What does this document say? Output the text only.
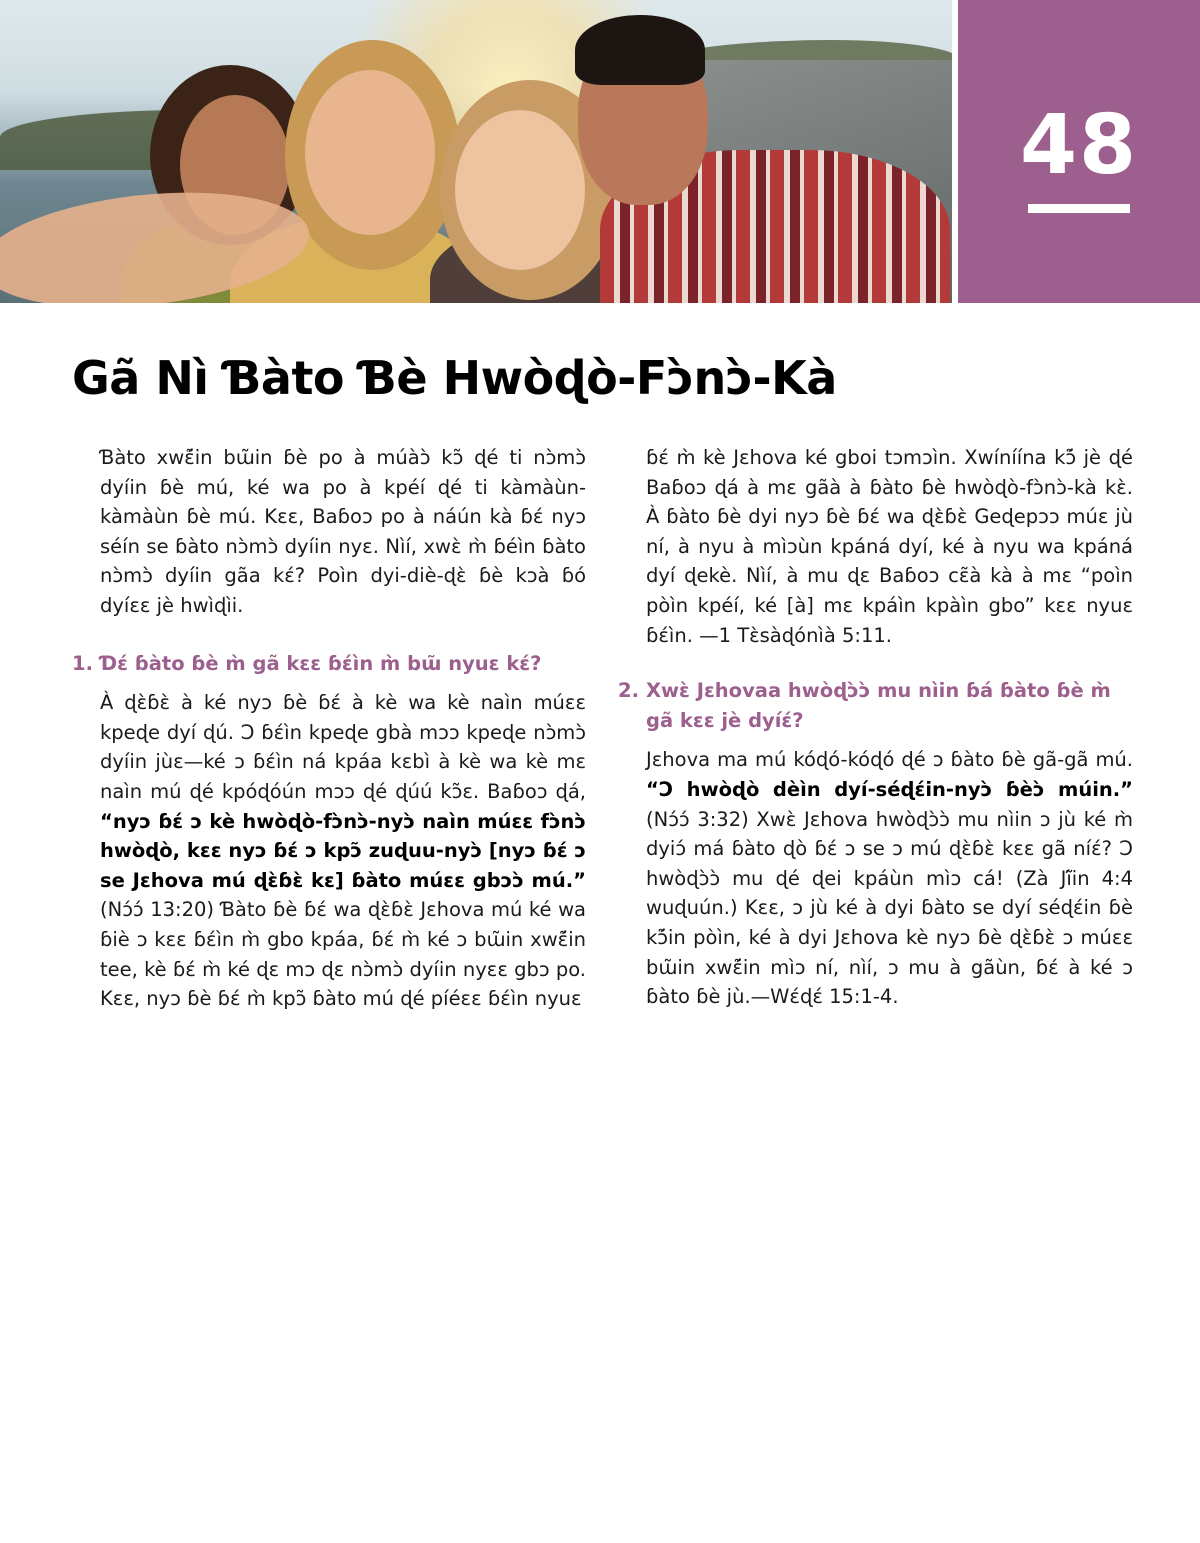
48
Gã Nì Ɓàto Ɓè Hwòɖò-Fɔ̀nɔ̀-Kà

Ɓàto xwɛ̃́in bɯ̃in ɓè po à múàɔ̀ kɔ̃ ɖé ti nɔ̀mɔ̀ dyíin ɓè mú, ké wa po à kpéí ɖé ti kàmàùn-kàmàùn ɓè mú. Kɛɛ, Baɓoɔ po à náún kà ɓɛ́ nyɔ séín se ɓàto nɔ̀mɔ̀ dyíin nyɛ. Nìí, xwɛ̀ m̀ ɓéìn ɓàto nɔ̀mɔ̀ dyíin gãa kɛ́? Poìn dyi-diè-ɖɛ̀ ɓè kɔà ɓó dyíɛɛ jè hwìɖìi.

1. Ɗɛ́ ɓàto ɓè m̀ gã kɛɛ ɓɛ́ìn m̀ bɯ̃ nyuɛ kɛ́?

À ɖɛ̀ɓɛ̀ à ké nyɔ ɓè ɓɛ́ à kè wa kè naìn múɛɛ kpeɖe dyí ɖú. Ɔ ɓɛ́ìn kpeɖe gbà mɔɔ kpeɖe nɔ̀mɔ̀ dyíin jùɛ—ké ɔ ɓɛ́ìn ná kpáa kɛbì à kè wa kè mɛ naìn mú ɖé kpóɖóún mɔɔ ɖé ɖúú kɔ̃ɛ. Baɓoɔ ɖá, “nyɔ ɓɛ́ ɔ kè hwòɖò-fɔ̀nɔ̀-nyɔ̀ naìn múɛɛ fɔ̀nɔ̀ hwòɖò, kɛɛ nyɔ ɓɛ́ ɔ kpɔ̃ zuɖuu-nyɔ̀ [nyɔ ɓɛ́ ɔ se Jɛhova mú ɖɛ̀ɓɛ̀ kɛ] ɓàto múɛɛ gbɔɔ̀ mú.” (Nɔ́ɔ́ 13:20) Ɓàto ɓè ɓɛ́ wa ɖɛ̀ɓɛ̀ Jɛhova mú ké wa ɓiè ɔ kɛɛ ɓɛ́ìn m̀ gbo kpáa, ɓɛ́ m̀ ké ɔ bɯ̃in xwɛ̃́in tee, kè ɓɛ́ m̀ ké ɖɛ mɔ ɖɛ nɔ̀mɔ̀ dyíin nyɛɛ gbɔ po. Kɛɛ, nyɔ ɓè ɓɛ́ m̀ kpɔ̃ ɓàto mú ɖé píéɛɛ ɓɛ́ìn nyuɛ

ɓɛ́ m̀ kè Jɛhova ké gboi tɔmɔìn. Xwíníína kɔ̃́ jè ɖé Baɓoɔ ɖá à mɛ gãà à ɓàto ɓè hwòɖò-fɔ̀nɔ̀-kà kɛ̀. À ɓàto ɓè dyi nyɔ ɓè ɓɛ́ wa ɖɛ̀ɓɛ̀ Geɖepɔɔ múɛ jù ní, à nyu à mìɔùn kpáná dyí, ké à nyu wa kpáná dyí ɖekè. Nìí, à mu ɖɛ Baɓoɔ cɛ̃à kà à mɛ “poìn pòìn kpéí, ké [à] mɛ kpáìn kpàìn gbo” kɛɛ nyuɛ ɓɛ́ìn. —1 Tɛ̀sàɖónìà 5:11.

2. Xwɛ̀ Jɛhovaa hwòɖɔ̀ɔ̀ mu nìin ɓá ɓàto ɓè m̀ gã kɛɛ jè dyíɛ́?

Jɛhova ma mú kóɖó-kóɖó ɖé ɔ ɓàto ɓè gã-gã mú. “Ɔ hwòɖò dèìn dyí-séɖɛ́in-nyɔ̀ ɓèɔ̀ múin.” (Nɔ́ɔ́ 3:32) Xwɛ̀ Jɛhova hwòɖɔ̀ɔ̀ mu nìin ɔ jù ké m̀ dyiɔ́ má ɓàto ɖò ɓɛ́ ɔ se ɔ mú ɖɛ̀ɓɛ̀ kɛɛ gã níɛ́? Ɔ hwòɖɔ̀ɔ̀ mu ɖé ɖei kpáùn mìɔ cá! (Zà Jĩ́in 4:4 wuɖuún.) Kɛɛ, ɔ jù ké à dyi ɓàto se dyí séɖɛ́in ɓè kɔ̃́in pòìn, ké à dyi Jɛhova kè nyɔ ɓè ɖɛ̀ɓɛ̀ ɔ múɛɛ bɯ̃in xwɛ̃́in mìɔ ní, nìí, ɔ mu à gãùn, ɓɛ́ à ké ɔ ɓàto ɓè jù.—Wɛ́ɖɛ́ 15:1-4.
